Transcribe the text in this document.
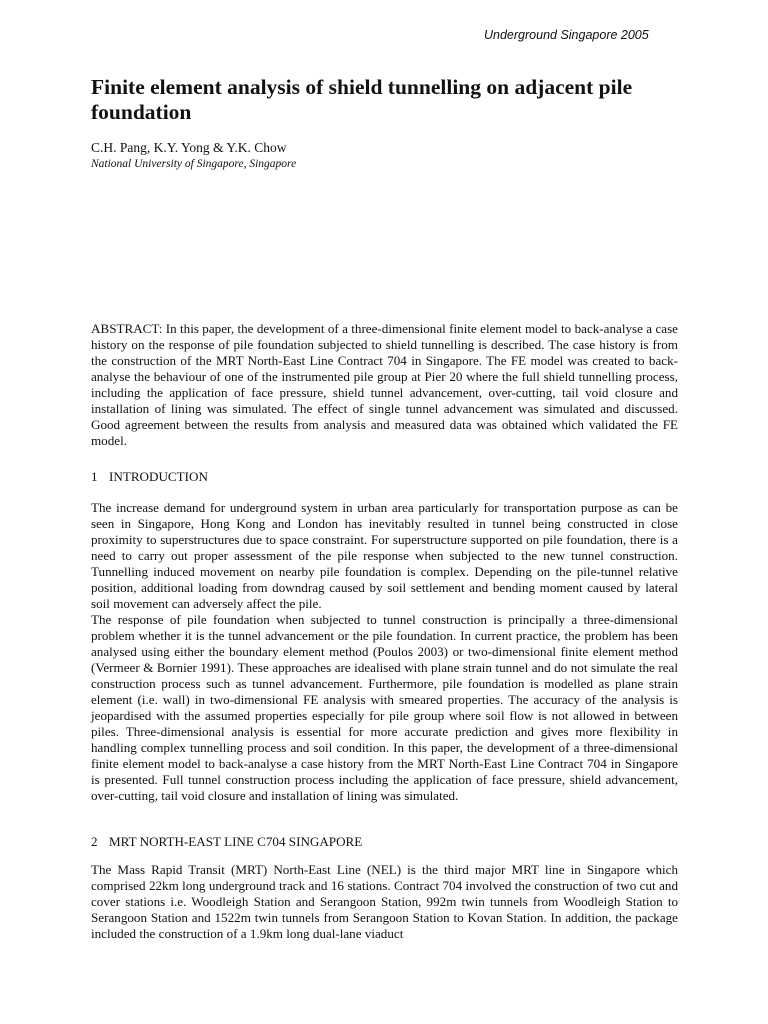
Underground Singapore 2005
Finite element analysis of shield tunnelling on adjacent pile foundation
C.H. Pang, K.Y. Yong & Y.K. Chow
National University of Singapore, Singapore

ABSTRACT: In this paper, the development of a three-dimensional finite element model to back-analyse a case history on the response of pile foundation subjected to shield tunnelling is described. The case history is from the construction of the MRT North-East Line Contract 704 in Singapore. The FE model was created to back-analyse the behaviour of one of the instrumented pile group at Pier 20 where the full shield tunnelling process, including the application of face pressure, shield tunnel advancement, over-cutting, tail void closure and installation of lining was simulated. The effect of single tunnel advancement was simulated and discussed. Good agreement between the results from analysis and measured data was obtained which validated the FE model.

1 INTRODUCTION

The increase demand for underground system in urban area particularly for transportation purpose as can be seen in Singapore, Hong Kong and London has inevitably resulted in tunnel being constructed in close proximity to superstructures due to space constraint. For superstructure supported on pile foundation, there is a need to carry out proper assessment of the pile response when subjected to the new tunnel construction. Tunnelling induced movement on nearby pile foundation is complex. Depending on the pile-tunnel relative position, additional loading from downdrag caused by soil settlement and bending moment caused by lateral soil movement can adversely affect the pile.

The response of pile foundation when subjected to tunnel construction is principally a three-dimensional problem whether it is the tunnel advancement or the pile foundation. In current practice, the problem has been analysed using either the boundary element method (Poulos 2003) or two-dimensional finite element method (Vermeer & Bornier 1991). These approaches are idealised with plane strain tunnel and do not simulate the real construction process such as tunnel advancement. Furthermore, pile foundation is modelled as plane strain element (i.e. wall) in two-dimensional FE analysis with smeared properties. The accuracy of the analysis is jeopardised with the assumed properties especially for pile group where soil flow is not allowed in between piles. Three-dimensional analysis is essential for more accurate prediction and gives more flexibility in handling complex tunnelling process and soil condition. In this paper, the development of a three-dimensional finite element model to back-analyse a case history from the MRT North-East Line Contract 704 in Singapore is presented. Full tunnel construction process including the application of face pressure, shield advancement, over-cutting, tail void closure and installation of lining was simulated.

2 MRT NORTH-EAST LINE C704 SINGAPORE

The Mass Rapid Transit (MRT) North-East Line (NEL) is the third major MRT line in Singapore which comprised 22km long underground track and 16 stations. Contract 704 involved the construction of two cut and cover stations i.e. Woodleigh Station and Serangoon Station, 992m twin tunnels from Woodleigh Station to Serangoon Station and 1522m twin tunnels from Serangoon Station to Kovan Station. In addition, the package included the construction of a 1.9km long dual-lane viaduct
